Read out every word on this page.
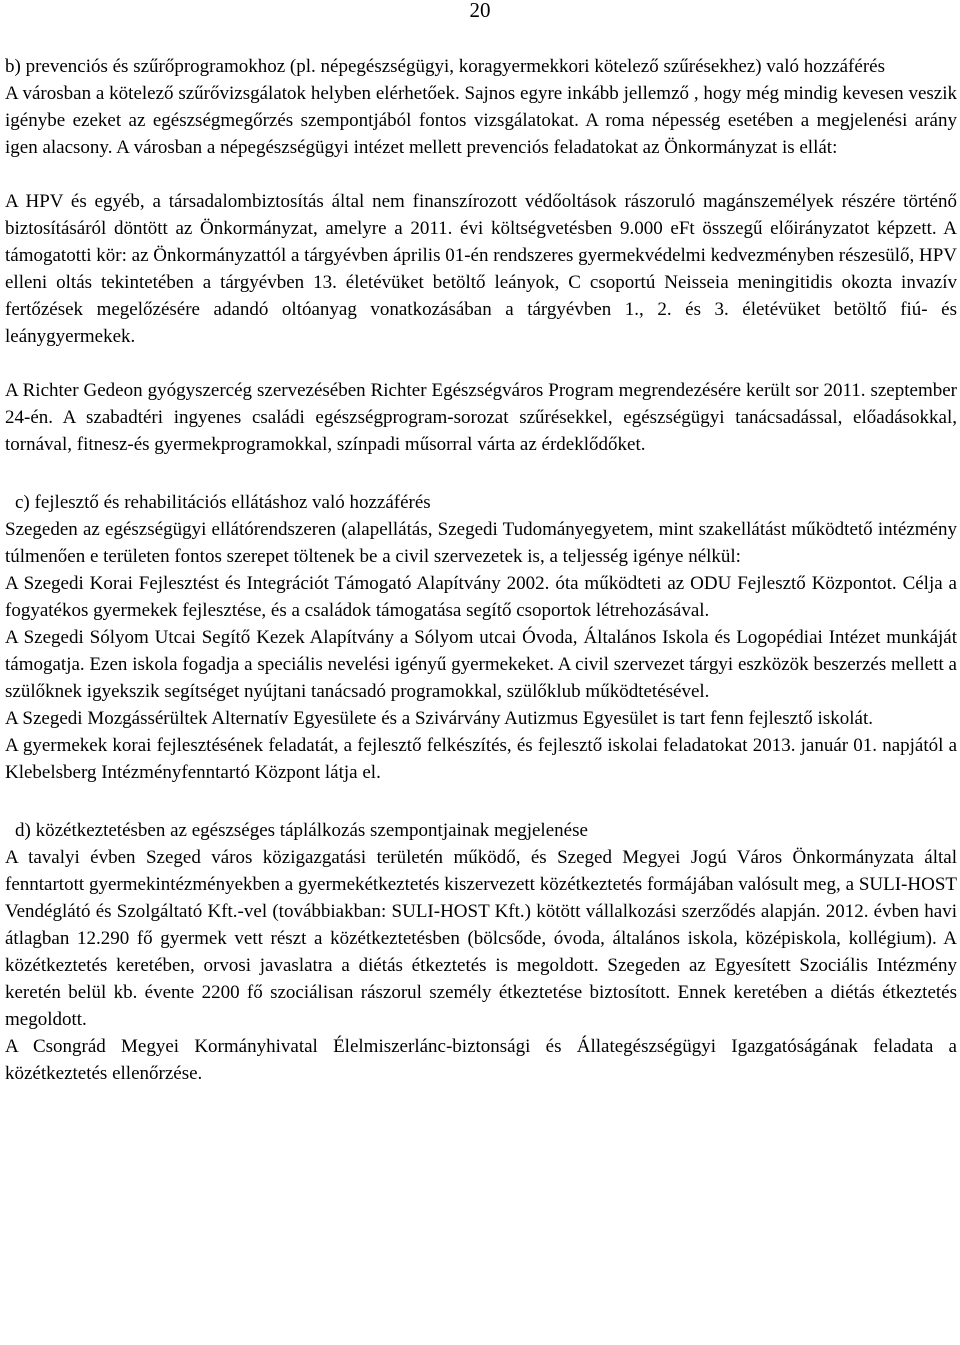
20

b) prevenciós és szűrőprogramokhoz (pl. népegészségügyi, koragyermekkori kötelező szűrésekhez) való hozzáférés

A városban a kötelező szűrővizsgálatok helyben elérhetőek. Sajnos egyre inkább jellemző , hogy még mindig kevesen veszik igénybe ezeket az egészségmegőrzés szempontjából fontos vizsgálatokat. A roma népesség esetében a megjelenési arány igen alacsony. A városban a népegészségügyi intézet mellett prevenciós feladatokat az Önkormányzat is ellát:

A HPV és egyéb, a társadalombiztosítás által nem finanszírozott védőoltások rászoruló magánszemélyek részére történő biztosításáról döntött az Önkormányzat, amelyre a 2011. évi költségvetésben 9.000 eFt összegű előirányzatot képzett. A támogatotti kör: az Önkormányzattól a tárgyévben április 01-én rendszeres gyermekvédelmi kedvezményben részesülő, HPV elleni oltás tekintetében a tárgyévben 13. életévüket betöltő leányok, C csoportú Neisseia meningitidis okozta invazív fertőzések megelőzésére adandó oltóanyag vonatkozásában a tárgyévben 1., 2. és 3. életévüket betöltő fiú- és leánygyermekek.

A Richter Gedeon gyógyszercég szervezésében Richter Egészségváros Program megrendezésére került sor 2011. szeptember 24-én. A szabadtéri ingyenes családi egészségprogram-sorozat szűrésekkel, egészségügyi tanácsadással, előadásokkal, tornával, fitnesz-és gyermekprogramokkal, színpadi műsorral várta az érdeklődőket.

c) fejlesztő és rehabilitációs ellátáshoz való hozzáférés

Szegeden az egészségügyi ellátórendszeren (alapellátás, Szegedi Tudományegyetem, mint szakellátást működtető intézmény túlmenően e területen fontos szerepet töltenek be a civil szervezetek is, a teljesség igénye nélkül:

A Szegedi Korai Fejlesztést és Integrációt Támogató Alapítvány 2002. óta működteti az ODU Fejlesztő Központot. Célja a fogyatékos gyermekek fejlesztése, és a családok támogatása segítő csoportok létrehozásával.

A Szegedi Sólyom Utcai Segítő Kezek Alapítvány a Sólyom utcai Óvoda, Általános Iskola és Logopédiai Intézet munkáját támogatja. Ezen iskola fogadja a speciális nevelési igényű gyermekeket. A civil szervezet tárgyi eszközök beszerzés mellett a szülőknek igyekszik segítséget nyújtani tanácsadó programokkal, szülőklub működtetésével.

A Szegedi Mozgássérültek Alternatív Egyesülete és a Szivárvány Autizmus Egyesület is tart fenn fejlesztő iskolát.

A gyermekek korai fejlesztésének feladatát, a fejlesztő felkészítés, és fejlesztő iskolai feladatokat 2013. január 01. napjától a Klebelsberg Intézményfenntartó Központ látja el.

d) közétkeztetésben az egészséges táplálkozás szempontjainak megjelenése

A tavalyi évben Szeged város közigazgatási területén működő, és Szeged Megyei Jogú Város Önkormányzata által fenntartott gyermekintézményekben a gyermekétkeztetés kiszervezett közétkeztetés formájában valósult meg, a SULI-HOST Vendéglátó és Szolgáltató Kft.-vel (továbbiakban: SULI-HOST Kft.) kötött vállalkozási szerződés alapján. 2012. évben havi átlagban 12.290 fő gyermek vett részt a közétkeztetésben (bölcsőde, óvoda, általános iskola, középiskola, kollégium). A közétkeztetés keretében, orvosi javaslatra a diétás étkeztetés is megoldott. Szegeden az Egyesített Szociális Intézmény keretén belül kb. évente 2200 fő szociálisan rászorul személy étkeztetése biztosított. Ennek keretében a diétás étkeztetés megoldott.

A Csongrád Megyei Kormányhivatal Élelmiszerlánc-biztonsági és Állategészségügyi Igazgatóságának feladata a közétkeztetés ellenőrzése.
